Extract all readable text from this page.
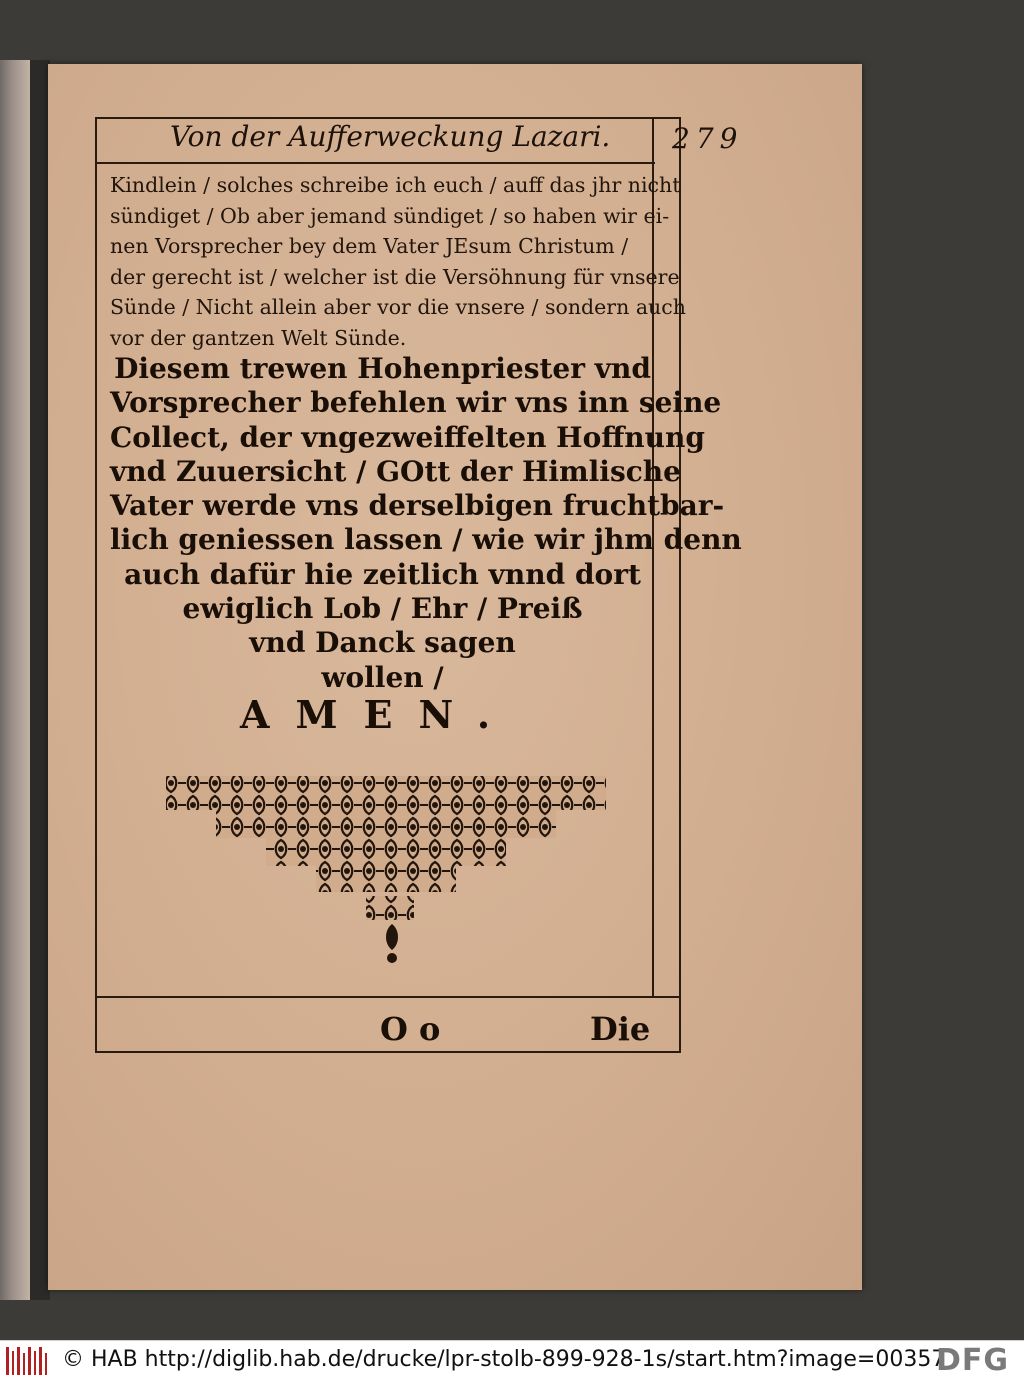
Von der Aufferweckung Lazari. 279
Kindlein / solches schreibe ich euch / auff das jhr nicht
sündiget / Ob aber jemand sündiget / so haben wir ei-
nen Vorsprecher bey dem Vater JEsum Christum /
der gerecht ist / welcher ist die Versöhnung für vnsere
Sünde / Nicht allein aber vor die vnsere / sondern auch
vor der gantzen Welt Sünde.
Diesem trewen Hohenpriester vnd
Vorsprecher befehlen wir vns inn seine
Collect, der vngezweiffelten Hoffnung
vnd Zuuersicht / GOtt der Himlische
Vater werde vns derselbigen fruchtbar-
lich geniessen lassen / wie wir jhm denn
auch dafür hie zeitlich vnnd dort
ewiglich Lob / Ehr / Preiß
vnd Danck sagen
wollen /
AMEN.
O o	Die
© HAB http://diglib.hab.de/drucke/lpr-stolb-899-928-1s/start.htm?image=00357
DFG
